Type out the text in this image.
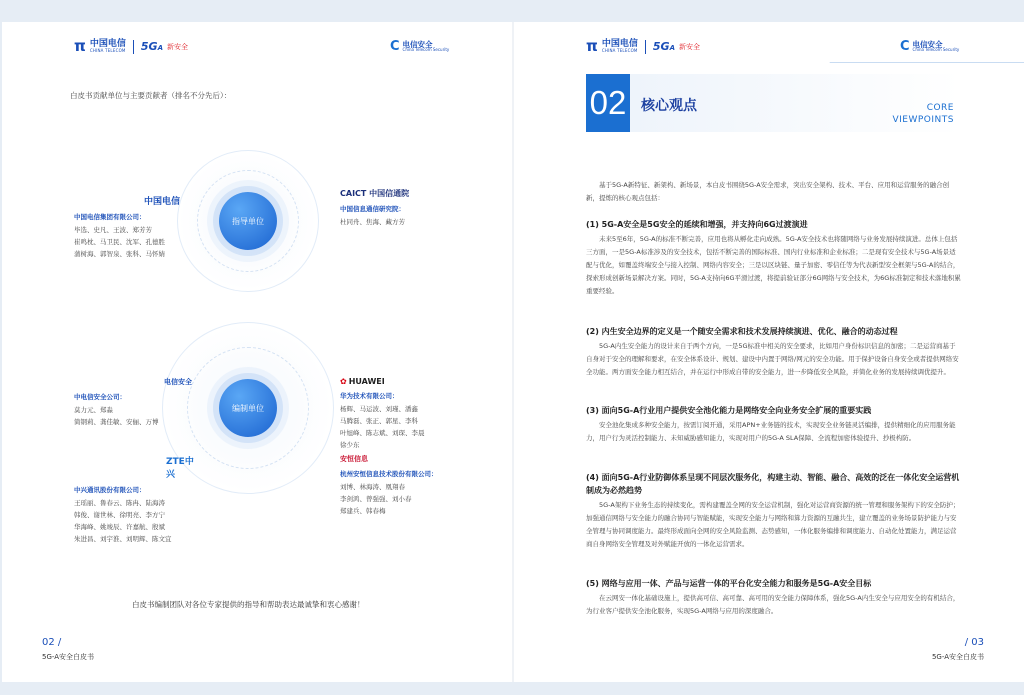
π 中国电信
CHINA TELECOM 5GA 新安全	C 电信安全
China Telecom Security
白皮书贡献单位与主要贡献者（排名不分先后）：
指导单位
编制单位
中国电信
中国电信集团有限公司：
毕选、史凡、王波、郑芳芳
崔鸣枕、马卫民、沈军、孔德胜
蒲树海、郭智泉、张科、马怀婧
CAICT 中国信通院
中国信息通信研究院：
杜同舟、焦海、藏方芳
电信安全
中电信安全公司：
莫力元、郑淼
简钢莉、龚佳敏、安俪、万博
✿ HUAWEI
华为技术有限公司：
杨辉、马运波、刘瑾、潘鑫
马腾磊、张正、郭星、李科
叶旭峰、陈志斌、刘琛、李晨
徐少东
ZTE中兴
中兴通讯股份有限公司：
王瑶丽、鲁春云、陈冉、陆海涛
韩俊、谢世林、徐明亮、李方宁
华海峰、姚竣辰、许嘉航、殷斌
朱进昌、刘宇淮、刘明辉、陈文宜
安恒信息
杭州安恒信息技术股份有限公司：
刘博、林海涛、凰翔春
李剑鸿、曾强强、刘小春
郑建兵、韩春梅
白皮书编制团队对各位专家提供的指导和帮助表达最诚挚和衷心感谢！
02 /
5G-A安全白皮书
π 中国电信
CHINA TELECOM 5GA 新安全	C 电信安全
China Telecom Security
02 核心观点	CORE
VIEWPOINTS
基于5G-A新特征、新架构、新场景，本白皮书围绕5G-A安全需求，突出安全架构、技术、平台、应用和运营服务的融合创新，提炼的核心观点包括：
(1) 5G-A安全是5G安全的延续和增强，并支持向6G过渡演进
未来5至6年，5G-A的标准不断完善，应用也将从孵化走向成熟。5G-A安全技术也将随网络与业务发展持续演进。总体上包括三方面，一是5G-A标准涉及的安全技术，包括不断完善的国际标准、国内行业标准和企业标准；二是现有安全技术与5G-A场景适配与优化，如覆盖终端安全与接入控制、网络内容安全；三是以区块链、量子加密、零信任等为代表新型安全框架与5G-A的结合，探索形成创新场景解决方案。同时，5G-A支持向6G平滑过渡，将提前验证部分6G网络与安全技术，为6G标准制定和技术落地积累重要经验。
(2) 内生安全边界的定义是一个随安全需求和技术发展持续演进、优化、融合的动态过程
5G-A内生安全能力的设计来自于两个方向，一是5G标准中相关的安全要求，比如用户身份标识信息的加密；二是运营商基于自身对于安全的理解和要求，在安全体系设计、规划、建设中内置于网络/网元的安全功能。用于保护设备自身安全或者提供网络安全功能。两方面安全能力相互结合，并在运行中形成自带的安全能力，进一步降低安全风险，并简化业务的发展持续调优提升。
(3) 面向5G-A行业用户提供安全池化能力是网络安全向业务安全扩展的重要实践
安全池化集成多种安全能力，按需订阅开通，采用APN+业务链的技术，实现安全业务链灵活编排，提供精细化的应用服务能力，用户行为灵活控制能力、未知威胁感知能力，实现对用户的5G-A SLA保障、全流程加密体验提升、抄极构防。
(4) 面向5G-A行业防御体系呈现不同层次服务化，构建主动、智能、融合、高效的泛在一体化安全运营机制成为必然趋势
5G-A架构下业务生态的持续变化，需构建覆盖全网的安全运营机制，强化对运营商资源的统一管理和服务架构下的安全防护；加强通信网络与安全能力的融合协同与智能赋能，实现安全能力与网络和算力资源的互融共生，建立覆盖的业务场景防护能力与安全管理与协同调度能力。最终形成面向全网的安全风险监测、态势感知，一体化服务编排和调度能力、自动化处置能力，满足运营商自身网络安全管理及对外赋能开放的一体化运营需求。
(5) 网络与应用一体、产品与运营一体的平台化安全能力和服务是5G-A安全目标
在云网安一体化基础设施上，提供高可信、高可靠、高可用的安全能力保障体系，强化5G-A内生安全与应用安全的有机结合，为行业客户提供安全池化服务，实现5G-A网络与应用的深度融合。
/ 03
5G-A安全白皮书
